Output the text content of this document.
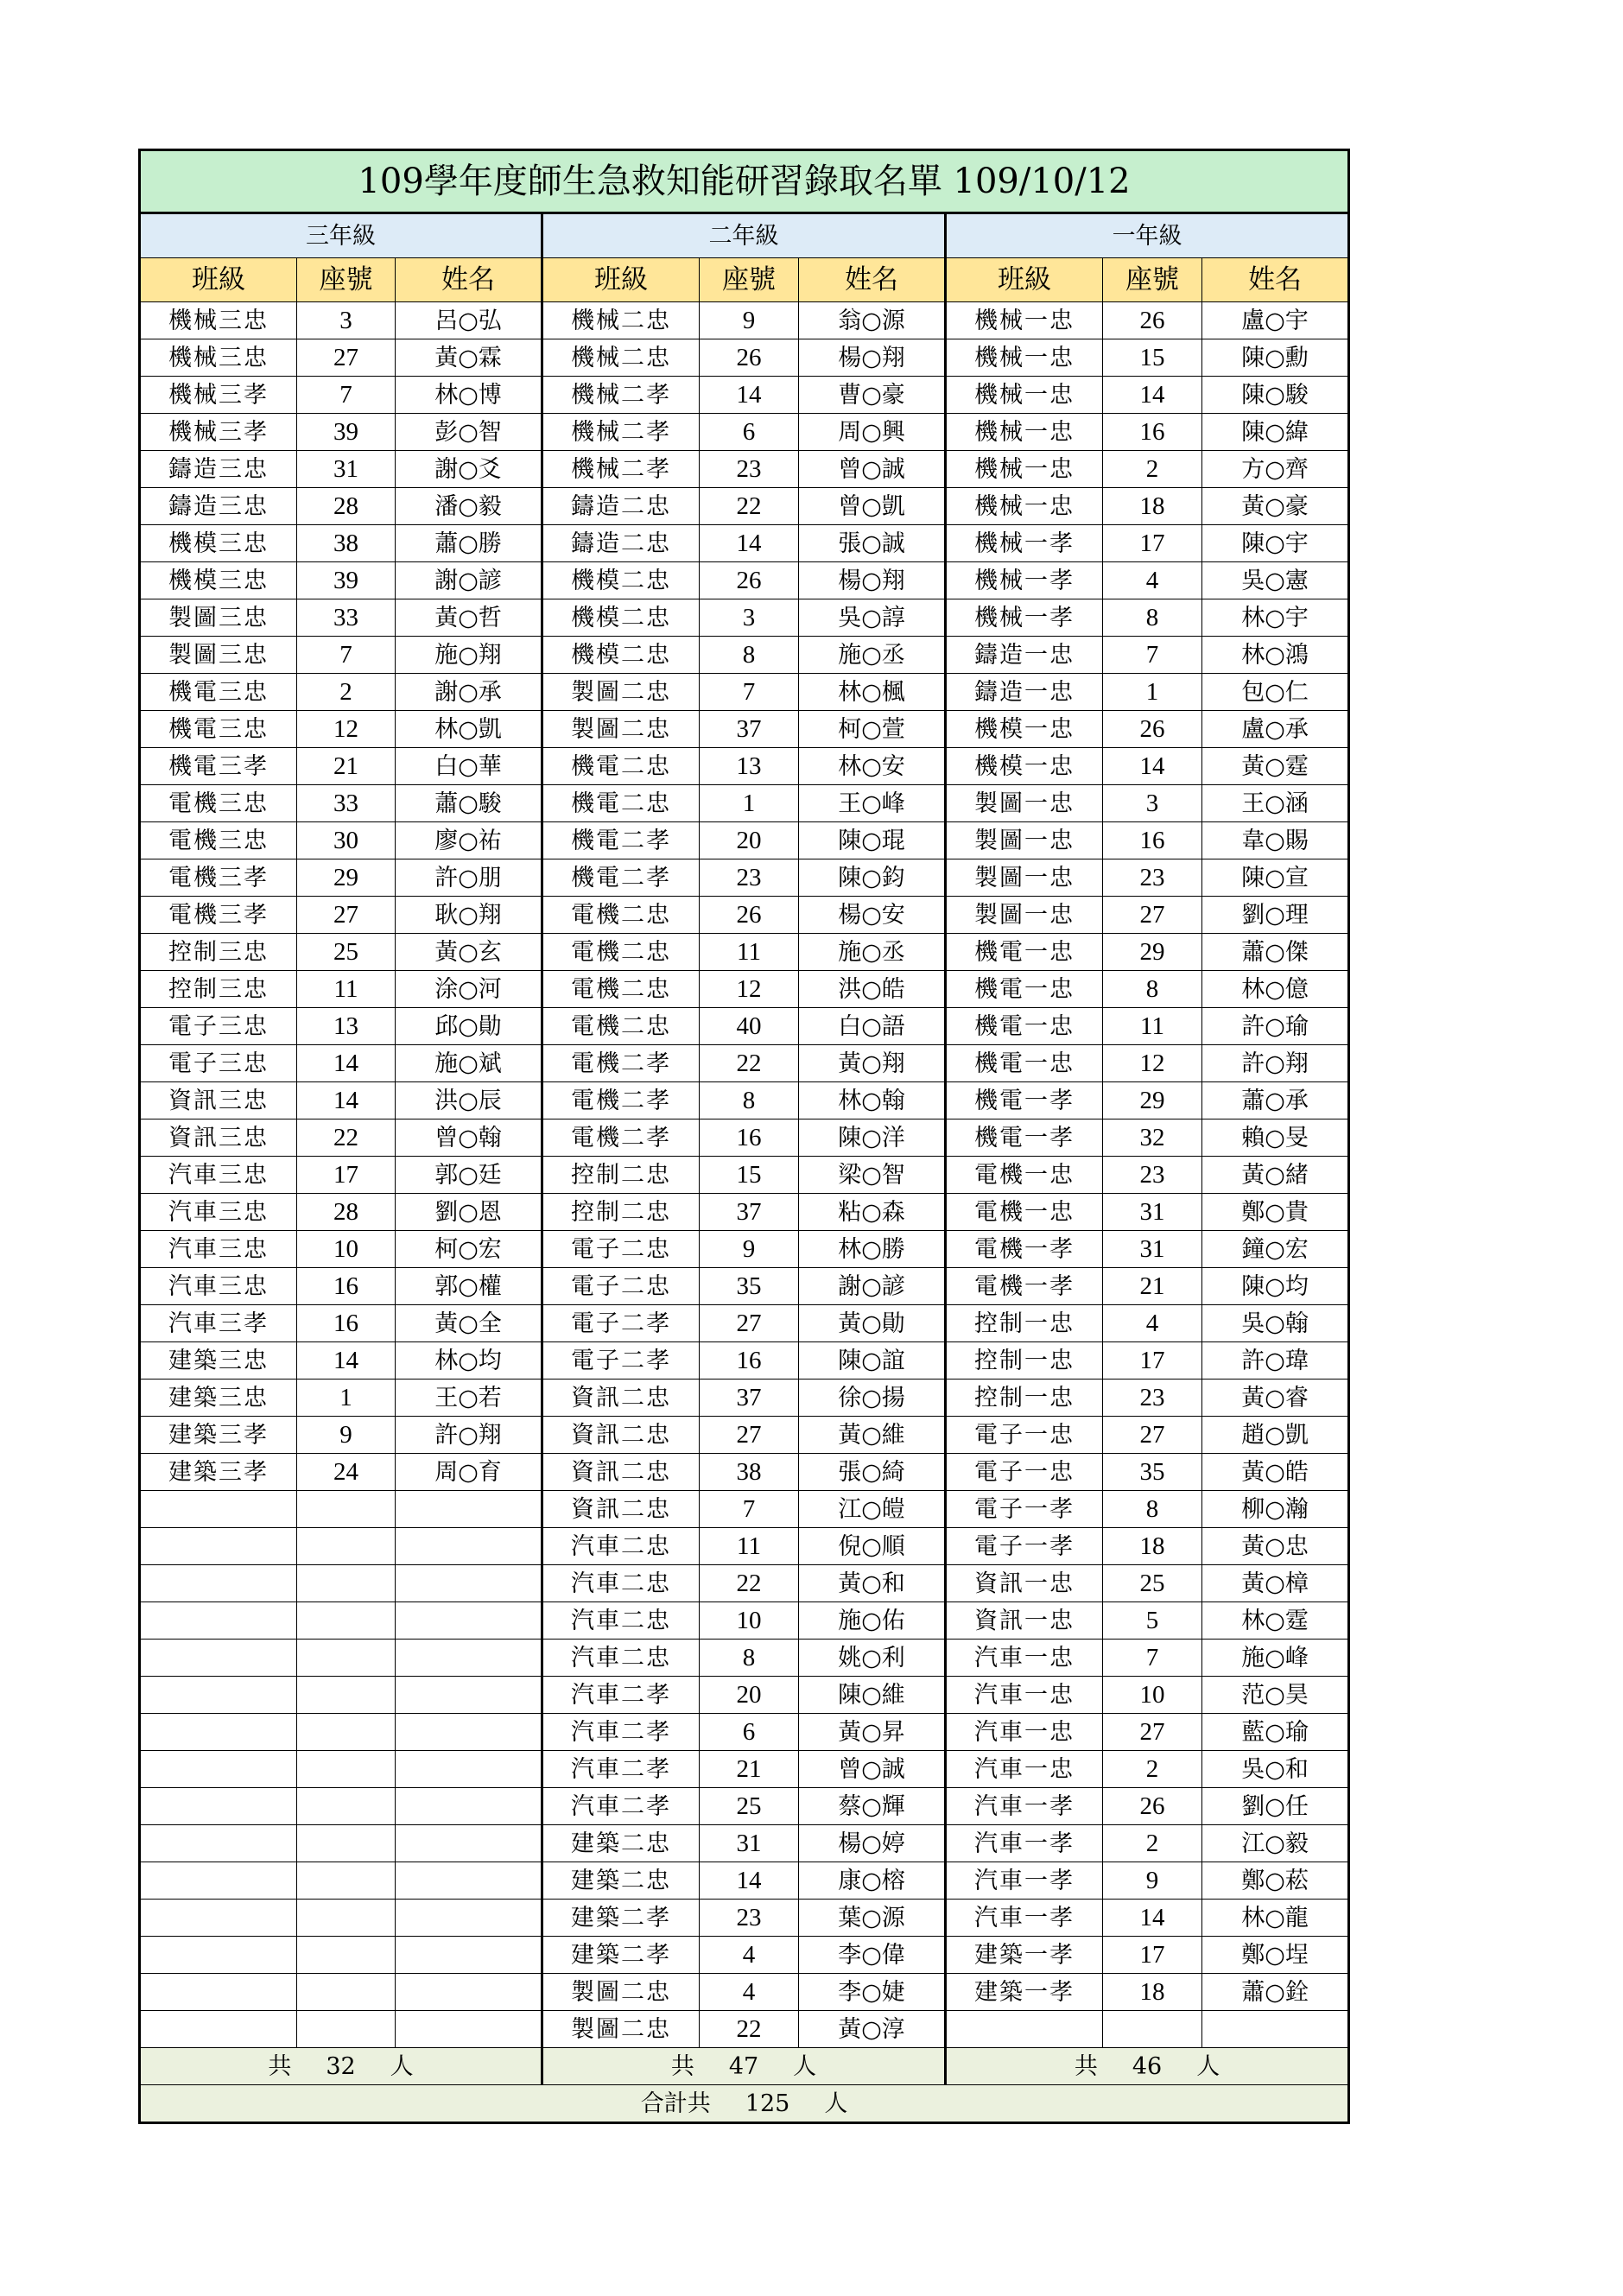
109學年度師生急救知能研習錄取名單 109/10/12								
三年級			二年級			一年級		
班級	座號	姓名	班級	座號	姓名	班級	座號	姓名
機械三忠	3	呂○弘	機械二忠	9	翁○源	機械一忠	26	盧○宇
機械三忠	27	黃○霖	機械二忠	26	楊○翔	機械一忠	15	陳○勳
機械三孝	7	林○博	機械二孝	14	曹○豪	機械一忠	14	陳○駿
機械三孝	39	彭○智	機械二孝	6	周○興	機械一忠	16	陳○緯
鑄造三忠	31	謝○爻	機械二孝	23	曾○誠	機械一忠	2	方○齊
鑄造三忠	28	潘○毅	鑄造二忠	22	曾○凱	機械一忠	18	黃○豪
機模三忠	38	蕭○勝	鑄造二忠	14	張○誠	機械一孝	17	陳○宇
機模三忠	39	謝○諺	機模二忠	26	楊○翔	機械一孝	4	吳○憲
製圖三忠	33	黃○哲	機模二忠	3	吳○諄	機械一孝	8	林○宇
製圖三忠	7	施○翔	機模二忠	8	施○丞	鑄造一忠	7	林○鴻
機電三忠	2	謝○承	製圖二忠	7	林○楓	鑄造一忠	1	包○仁
機電三忠	12	林○凱	製圖二忠	37	柯○萱	機模一忠	26	盧○承
機電三孝	21	白○華	機電二忠	13	林○安	機模一忠	14	黃○霆
電機三忠	33	蕭○駿	機電二忠	1	王○峰	製圖一忠	3	王○涵
電機三忠	30	廖○祐	機電二孝	20	陳○琨	製圖一忠	16	韋○賜
電機三孝	29	許○朋	機電二孝	23	陳○鈞	製圖一忠	23	陳○宣
電機三孝	27	耿○翔	電機二忠	26	楊○安	製圖一忠	27	劉○理
控制三忠	25	黃○玄	電機二忠	11	施○丞	機電一忠	29	蕭○傑
控制三忠	11	涂○河	電機二忠	12	洪○皓	機電一忠	8	林○億
電子三忠	13	邱○勛	電機二忠	40	白○語	機電一忠	11	許○瑜
電子三忠	14	施○斌	電機二孝	22	黃○翔	機電一忠	12	許○翔
資訊三忠	14	洪○辰	電機二孝	8	林○翰	機電一孝	29	蕭○承
資訊三忠	22	曾○翰	電機二孝	16	陳○洋	機電一孝	32	賴○旻
汽車三忠	17	郭○廷	控制二忠	15	梁○智	電機一忠	23	黃○緒
汽車三忠	28	劉○恩	控制二忠	37	粘○森	電機一忠	31	鄭○貴
汽車三忠	10	柯○宏	電子二忠	9	林○勝	電機一孝	31	鐘○宏
汽車三忠	16	郭○權	電子二忠	35	謝○諺	電機一孝	21	陳○均
汽車三孝	16	黃○全	電子二孝	27	黃○勛	控制一忠	4	吳○翰
建築三忠	14	林○均	電子二孝	16	陳○誼	控制一忠	17	許○瑋
建築三忠	1	王○若	資訊二忠	37	徐○揚	控制一忠	23	黃○睿
建築三孝	9	許○翔	資訊二忠	27	黃○維	電子一忠	27	趙○凱
建築三孝	24	周○育	資訊二忠	38	張○綺	電子一忠	35	黃○皓
			資訊二忠	7	江○皚	電子一孝	8	柳○瀚
			汽車二忠	11	倪○順	電子一孝	18	黃○忠
			汽車二忠	22	黃○和	資訊一忠	25	黃○樟
			汽車二忠	10	施○佑	資訊一忠	5	林○霆
			汽車二忠	8	姚○利	汽車一忠	7	施○峰
			汽車二孝	20	陳○維	汽車一忠	10	范○昊
			汽車二孝	6	黃○昇	汽車一忠	27	藍○瑜
			汽車二孝	21	曾○誠	汽車一忠	2	吳○和
			汽車二孝	25	蔡○輝	汽車一孝	26	劉○任
			建築二忠	31	楊○婷	汽車一孝	2	江○毅
			建築二忠	14	康○榕	汽車一孝	9	鄭○菘
			建築二孝	23	葉○源	汽車一孝	14	林○龍
			建築二孝	4	李○偉	建築一孝	17	鄭○埕
			製圖二忠	4	李○婕	建築一孝	18	蕭○銓
			製圖二忠	22	黃○淳			
共 32 人			共 47 人			共 46 人		
合計共 125 人								
